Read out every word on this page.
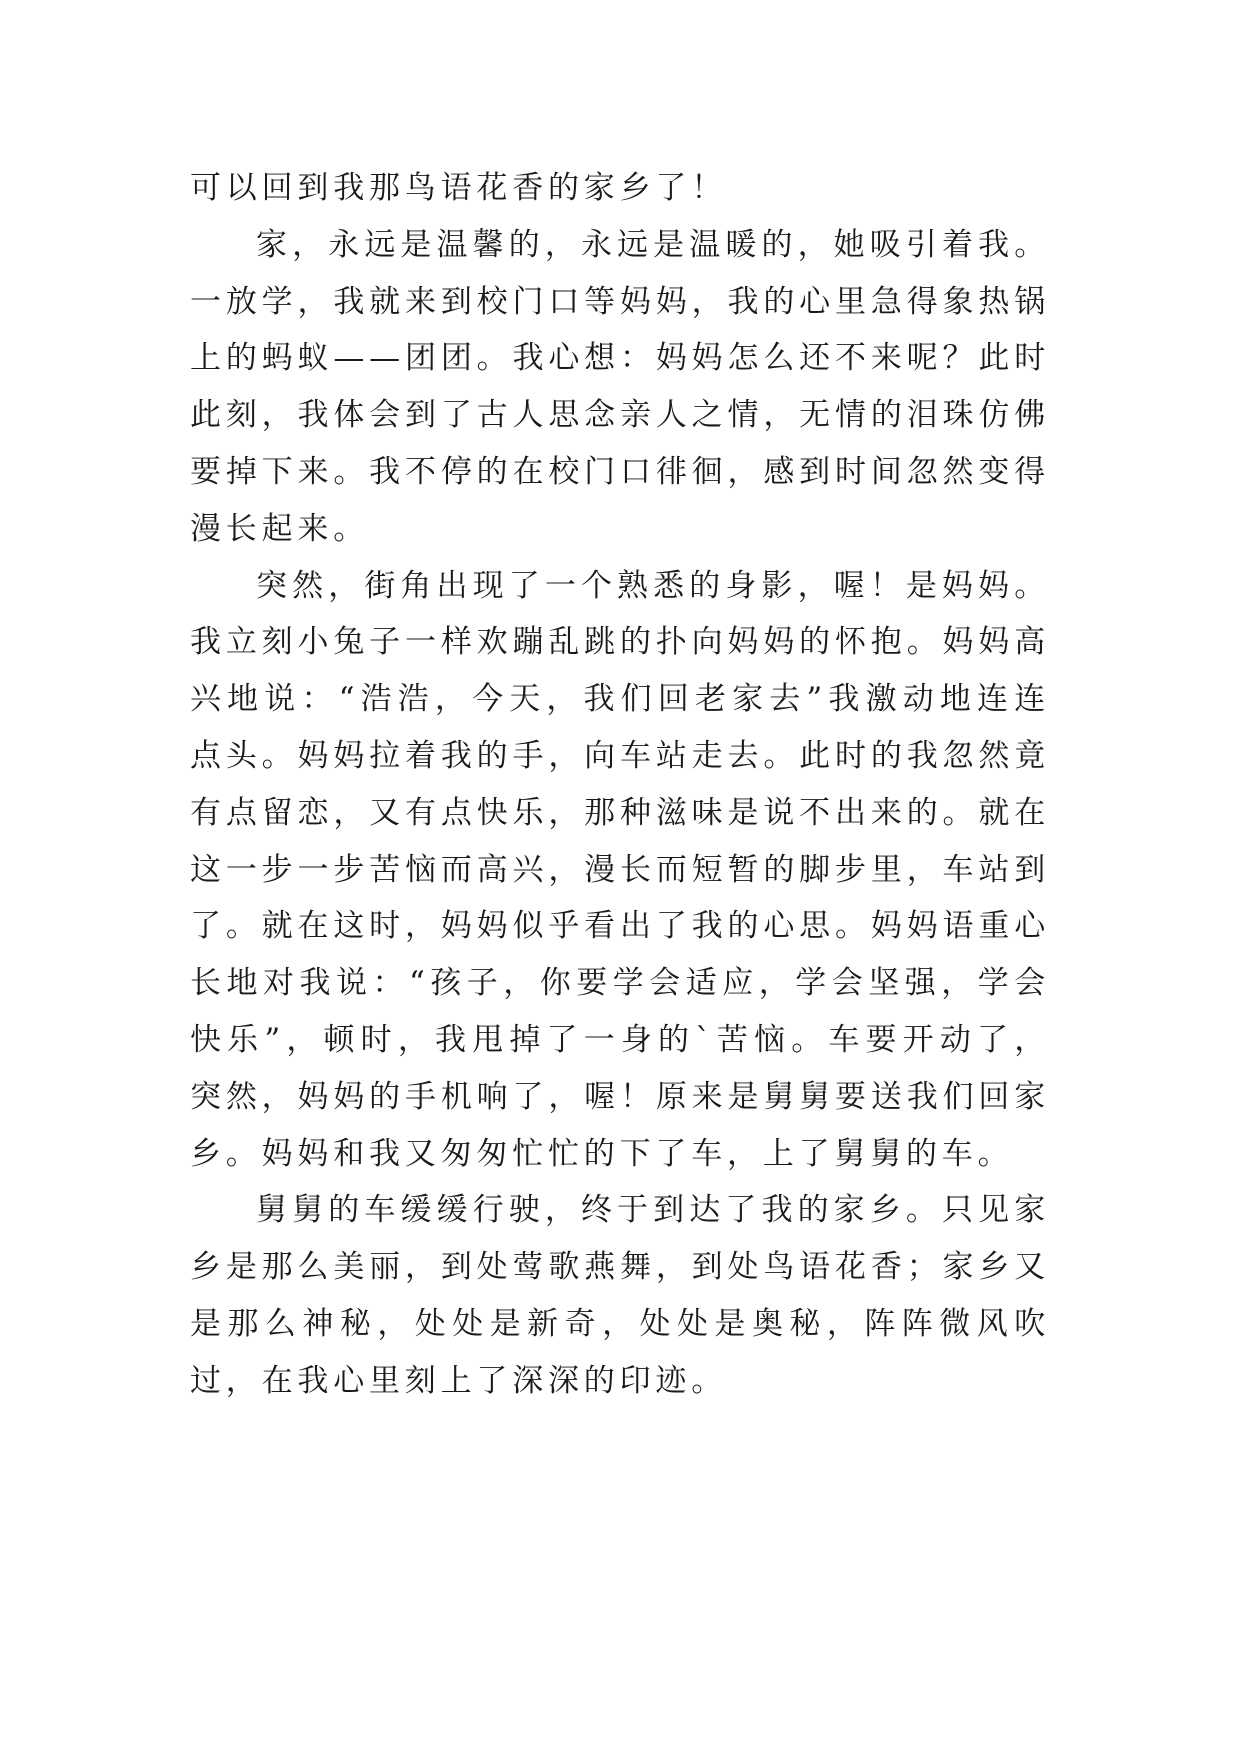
可以回到我那鸟语花香的家乡了！

家，永远是温馨的，永远是温暖的，她吸引着我。一放学，我就来到校门口等妈妈，我的心里急得象热锅上的蚂蚁——团团。我心想：妈妈怎么还不来呢？此时此刻，我体会到了古人思念亲人之情，无情的泪珠仿佛要掉下来。我不停的在校门口徘徊，感到时间忽然变得漫长起来。

突然，街角出现了一个熟悉的身影，喔！是妈妈。我立刻小兔子一样欢蹦乱跳的扑向妈妈的怀抱。妈妈高兴地说：“浩浩，今天，我们回老家去”我激动地连连点头。妈妈拉着我的手，向车站走去。此时的我忽然竟有点留恋，又有点快乐，那种滋味是说不出来的。就在这一步一步苦恼而高兴，漫长而短暂的脚步里，车站到了。就在这时，妈妈似乎看出了我的心思。妈妈语重心长地对我说：“孩子，你要学会适应，学会坚强，学会快乐”，顿时，我甩掉了一身的`苦恼。车要开动了，突然，妈妈的手机响了，喔！原来是舅舅要送我们回家乡。妈妈和我又匆匆忙忙的下了车，上了舅舅的车。

舅舅的车缓缓行驶，终于到达了我的家乡。只见家乡是那么美丽，到处莺歌燕舞，到处鸟语花香；家乡又是那么神秘，处处是新奇，处处是奥秘，阵阵微风吹过，在我心里刻上了深深的印迹。
